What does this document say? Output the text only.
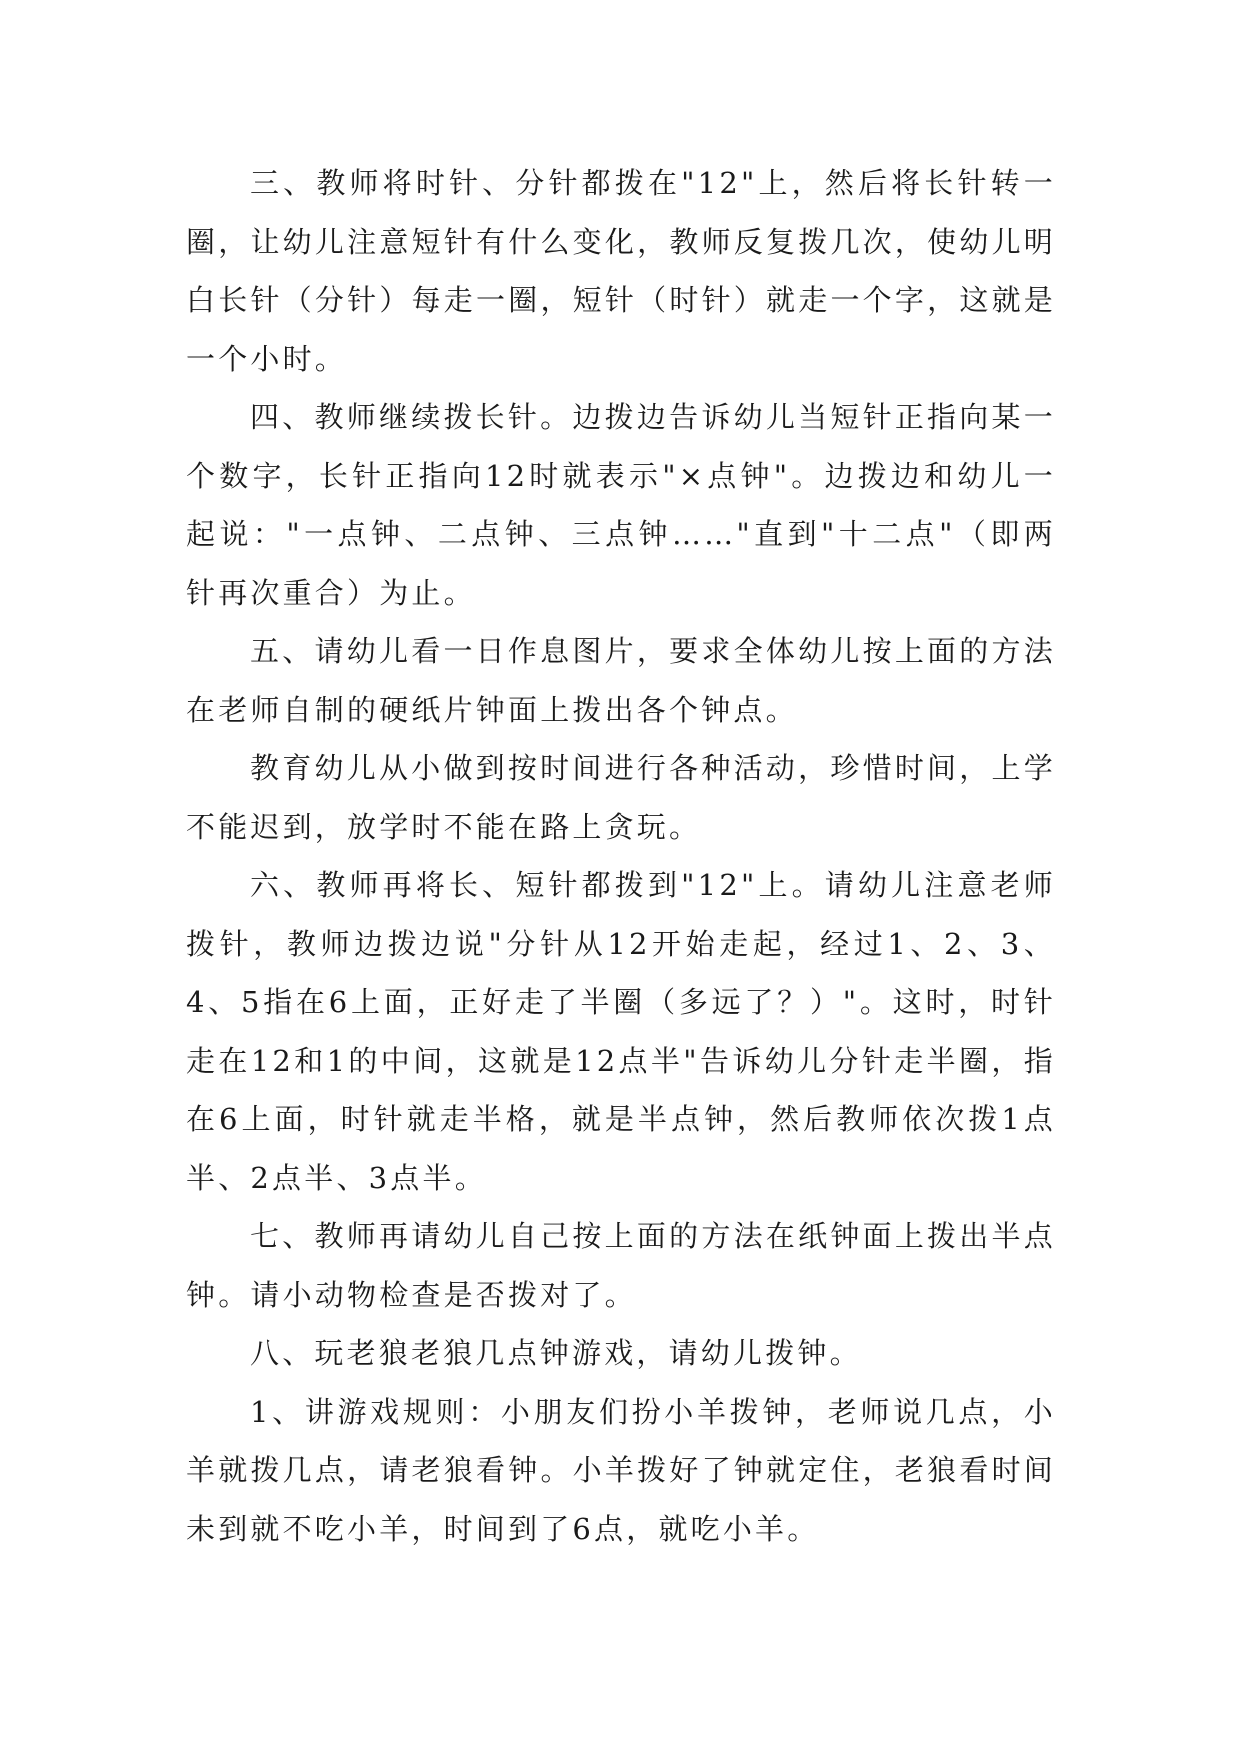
三、教师将时针、分针都拨在"12"上，然后将长针转一圈，让幼儿注意短针有什么变化，教师反复拨几次，使幼儿明白长针（分针）每走一圈，短针（时针）就走一个字，这就是一个小时。

四、教师继续拨长针。边拨边告诉幼儿当短针正指向某一个数字，长针正指向12时就表示"×点钟"。边拨边和幼儿一起说："一点钟、二点钟、三点钟……"直到"十二点"（即两针再次重合）为止。

五、请幼儿看一日作息图片，要求全体幼儿按上面的方法在老师自制的硬纸片钟面上拨出各个钟点。

教育幼儿从小做到按时间进行各种活动，珍惜时间，上学不能迟到，放学时不能在路上贪玩。

六、教师再将长、短针都拨到"12"上。请幼儿注意老师拨针，教师边拨边说"分针从12开始走起，经过1、2、3、4、5指在6上面，正好走了半圈（多远了？）"。这时，时针走在12和1的中间，这就是12点半"告诉幼儿分针走半圈，指在6上面，时针就走半格，就是半点钟，然后教师依次拨1点半、2点半、3点半。

七、教师再请幼儿自己按上面的方法在纸钟面上拨出半点钟。请小动物检查是否拨对了。

八、玩老狼老狼几点钟游戏，请幼儿拨钟。

1、讲游戏规则：小朋友们扮小羊拨钟，老师说几点，小羊就拨几点，请老狼看钟。小羊拨好了钟就定住，老狼看时间未到就不吃小羊，时间到了6点，就吃小羊。
